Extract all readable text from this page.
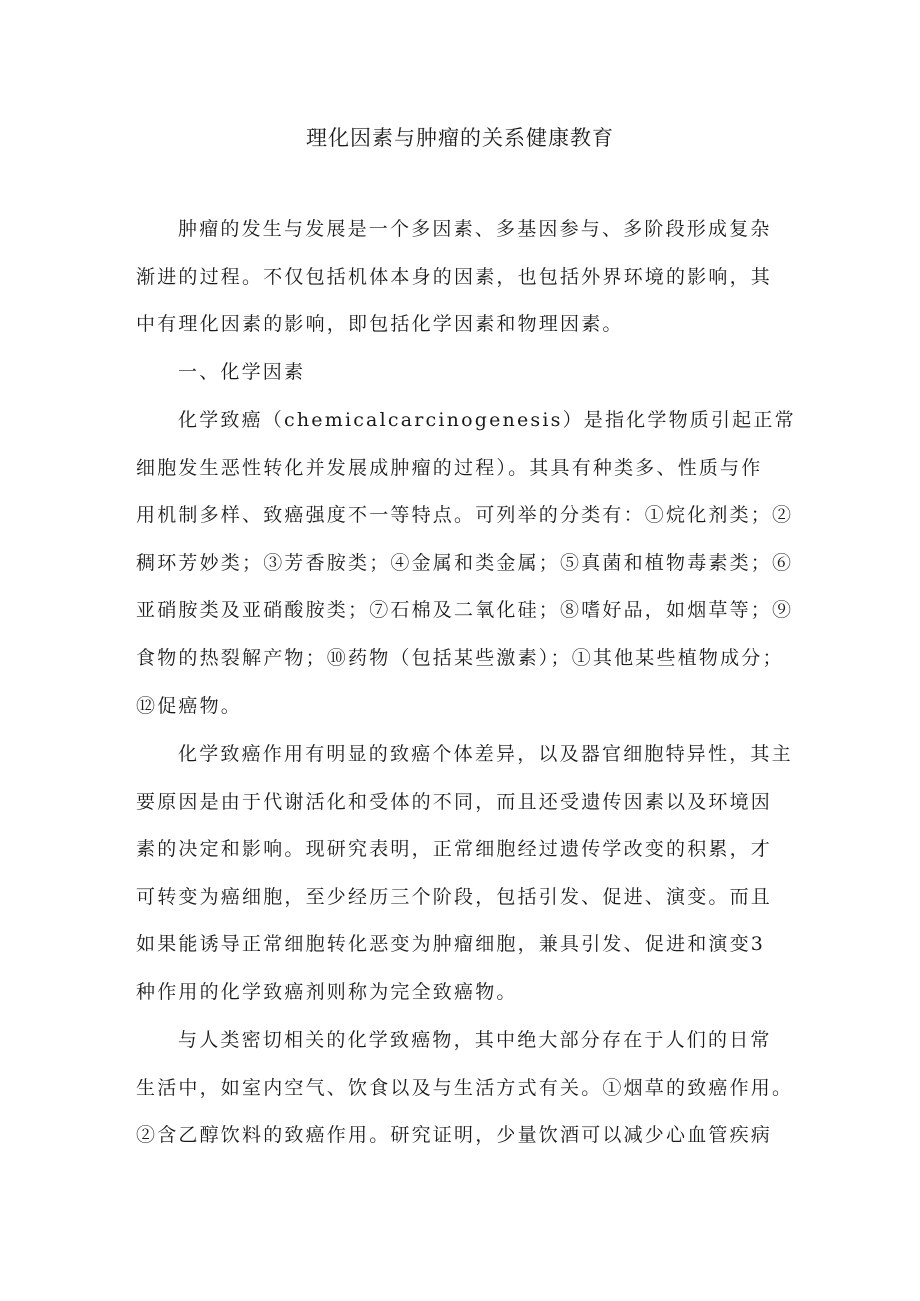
理化因素与肿瘤的关系健康教育

肿瘤的发生与发展是一个多因素、多基因参与、多阶段形成复杂
渐进的过程。不仅包括机体本身的因素，也包括外界环境的影响，其
中有理化因素的影响，即包括化学因素和物理因素。

一、化学因素

化学致癌（chemicalcarcinogenesis）是指化学物质引起正常
细胞发生恶性转化并发展成肿瘤的过程）。其具有种类多、性质与作
用机制多样、致癌强度不一等特点。可列举的分类有：①烷化剂类；②
稠环芳妙类；③芳香胺类；④金属和类金属；⑤真菌和植物毒素类；⑥
亚硝胺类及亚硝酸胺类；⑦石棉及二氧化硅；⑧嗜好品，如烟草等；⑨
食物的热裂解产物；⑩药物（包括某些激素）；①其他某些植物成分；
⑫促癌物。

化学致癌作用有明显的致癌个体差异，以及器官细胞特异性，其主
要原因是由于代谢活化和受体的不同，而且还受遗传因素以及环境因
素的决定和影响。现研究表明，正常细胞经过遗传学改变的积累，才
可转变为癌细胞，至少经历三个阶段，包括引发、促进、演变。而且
如果能诱导正常细胞转化恶变为肿瘤细胞，兼具引发、促进和演变3
种作用的化学致癌剂则称为完全致癌物。

与人类密切相关的化学致癌物，其中绝大部分存在于人们的日常
生活中，如室内空气、饮食以及与生活方式有关。①烟草的致癌作用。
②含乙醇饮料的致癌作用。研究证明，少量饮酒可以减少心血管疾病
